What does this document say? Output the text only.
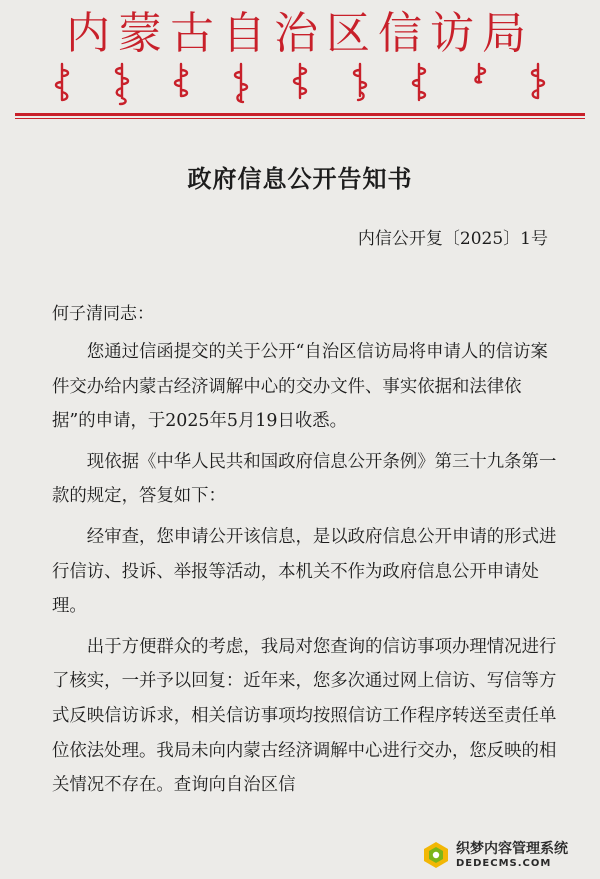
内蒙古自治区信访局
政府信息公开告知书
内信公开复〔2025〕1号
何子清同志：

您通过信函提交的关于公开“自治区信访局将申请人的信访案件交办给内蒙古经济调解中心的交办文件、事实依据和法律依据”的申请，于2025年5月19日收悉。

现依据《中华人民共和国政府信息公开条例》第三十九条第一款的规定，答复如下：

经审查，您申请公开该信息，是以政府信息公开申请的形式进行信访、投诉、举报等活动，本机关不作为政府信息公开申请处理。

出于方便群众的考虑，我局对您查询的信访事项办理情况进行了核实，一并予以回复：近年来，您多次通过网上信访、写信等方式反映信访诉求，相关信访事项均按照信访工作程序转送至责任单位依法处理。我局未向内蒙古经济调解中心进行交办，您反映的相关情况不存在。查询向自治区信

织梦内容管理系统
DEDECMS.COM
